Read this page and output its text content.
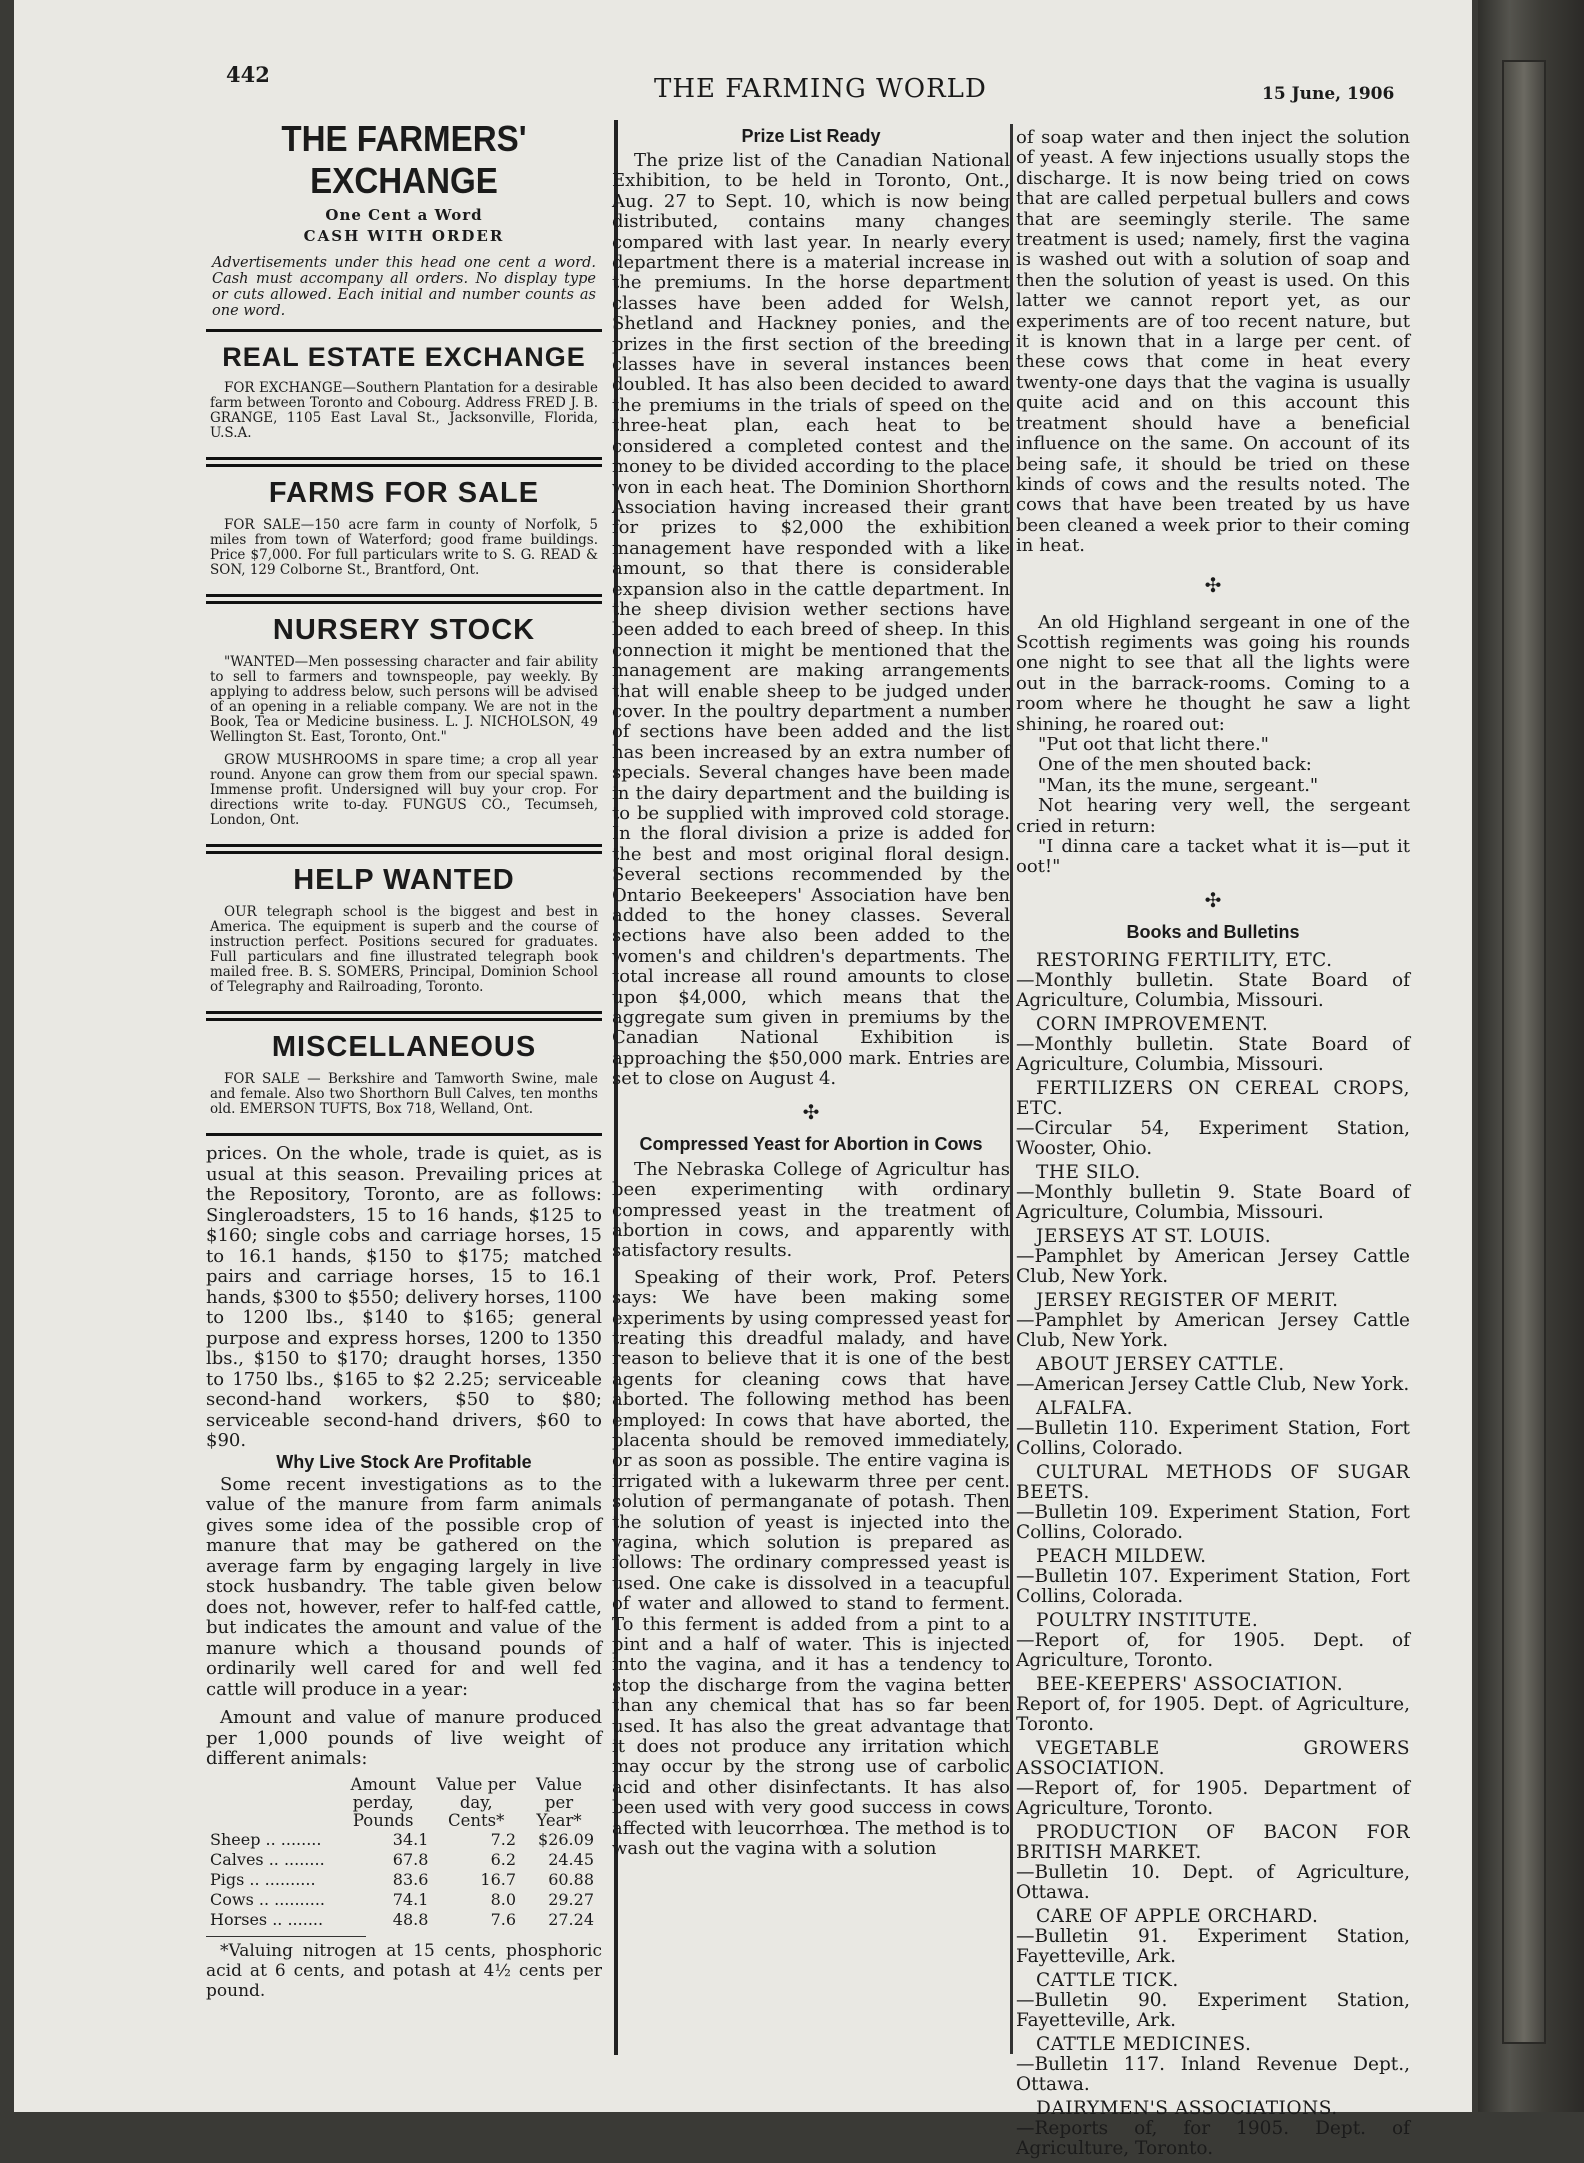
442	THE FARMING WORLD	15 June, 1906
THE FARMERS' EXCHANGE
One Cent a Word
CASH WITH ORDER

Advertisements under this head one cent a word. Cash must accompany all orders. No display type or cuts allowed. Each initial and number counts as one word.

REAL ESTATE EXCHANGE

FOR EXCHANGE—Southern Plantation for a desirable farm between Toronto and Cobourg. Address FRED J. B. GRANGE, 1105 East Laval St., Jacksonville, Florida, U.S.A.

FARMS FOR SALE

FOR SALE—150 acre farm in county of Norfolk, 5 miles from town of Waterford; good frame buildings. Price $7,000. For full particulars write to S. G. READ & SON, 129 Colborne St., Brantford, Ont.

NURSERY STOCK

"WANTED—Men possessing character and fair ability to sell to farmers and townspeople, pay weekly. By applying to address below, such persons will be advised of an opening in a reliable company. We are not in the Book, Tea or Medicine business. L. J. NICHOLSON, 49 Wellington St. East, Toronto, Ont."

GROW MUSHROOMS in spare time; a crop all year round. Anyone can grow them from our special spawn. Immense profit. Undersigned will buy your crop. For directions write to-day. FUNGUS CO., Tecumseh, London, Ont.

HELP WANTED

OUR telegraph school is the biggest and best in America. The equipment is superb and the course of instruction perfect. Positions secured for graduates. Full particulars and fine illustrated telegraph book mailed free. B. S. SOMERS, Principal, Dominion School of Telegraphy and Railroading, Toronto.

MISCELLANEOUS

FOR SALE — Berkshire and Tamworth Swine, male and female. Also two Shorthorn Bull Calves, ten months old. EMERSON TUFTS, Box 718, Welland, Ont.

prices. On the whole, trade is quiet, as is usual at this season. Prevailing prices at the Repository, Toronto, are as follows: Singleroadsters, 15 to 16 hands, $125 to $160; single cobs and carriage horses, 15 to 16.1 hands, $150 to $175; matched pairs and carriage horses, 15 to 16.1 hands, $300 to $550; delivery horses, 1100 to 1200 lbs., $140 to $165; general purpose and express horses, 1200 to 1350 lbs., $150 to $170; draught horses, 1350 to 1750 lbs., $165 to $2 2.25; serviceable second-hand workers, $50 to $80; serviceable second-hand drivers, $60 to $90.

Why Live Stock Are Profitable

Some recent investigations as to the value of the manure from farm animals gives some idea of the possible crop of manure that may be gathered on the average farm by engaging largely in live stock husbandry. The table given below does not, however, refer to half-fed cattle, but indicates the amount and value of the manure which a thousand pounds of ordinarily well cared for and well fed cattle will produce in a year:

Amount and value of manure produced per 1,000 pounds of live weight of different animals:

	Amount perday, Pounds	Value per day, Cents*	Value per Year*
Sheep .. ........	34.1	7.2	$26.09
Calves .. ........	67.8	6.2	24.45
Pigs .. ..........	83.6	16.7	60.88
Cows .. ..........	74.1	8.0	29.27
Horses .. .......	48.8	7.6	27.24

*Valuing nitrogen at 15 cents, phosphoric acid at 6 cents, and potash at 4½ cents per pound.

Prize List Ready

The prize list of the Canadian National Exhibition, to be held in Toronto, Ont., Aug. 27 to Sept. 10, which is now being distributed, contains many changes compared with last year. In nearly every department there is a material increase in the premiums. In the horse department classes have been added for Welsh, Shetland and Hackney ponies, and the prizes in the first section of the breeding classes have in several instances been doubled. It has also been decided to award the premiums in the trials of speed on the three-heat plan, each heat to be considered a completed contest and the money to be divided according to the place won in each heat. The Dominion Shorthorn Association having increased their grant for prizes to $2,000 the exhibition management have responded with a like amount, so that there is considerable expansion also in the cattle department. In the sheep division wether sections have been added to each breed of sheep. In this connection it might be mentioned that the management are making arrangements that will enable sheep to be judged under cover. In the poultry department a number of sections have been added and the list has been increased by an extra number of specials. Several changes have been made in the dairy department and the building is to be supplied with improved cold storage. In the floral division a prize is added for the best and most original floral design. Several sections recommended by the Ontario Beekeepers' Association have ben added to the honey classes. Several sections have also been added to the women's and children's departments. The total increase all round amounts to close upon $4,000, which means that the aggregate sum given in premiums by the Canadian National Exhibition is approaching the $50,000 mark. Entries are set to close on August 4.

✣
Compressed Yeast for Abortion in Cows

The Nebraska College of Agricultur has been experimenting with ordinary compressed yeast in the treatment of abortion in cows, and apparently with satisfactory results.

Speaking of their work, Prof. Peters says: We have been making some experiments by using compressed yeast for treating this dreadful malady, and have reason to believe that it is one of the best agents for cleaning cows that have aborted. The following method has been employed: In cows that have aborted, the placenta should be removed immediately, or as soon as possible. The entire vagina is irrigated with a lukewarm three per cent. solution of permanganate of potash. Then the solution of yeast is injected into the vagina, which solution is prepared as follows: The ordinary compressed yeast is used. One cake is dissolved in a teacupful of water and allowed to stand to ferment. To this ferment is added from a pint to a pint and a half of water. This is injected into the vagina, and it has a tendency to stop the discharge from the vagina better than any chemical that has so far been used. It has also the great advantage that it does not produce any irritation which may occur by the strong use of carbolic acid and other disinfectants. It has also been used with very good success in cows affected with leucorrhœa. The method is to wash out the vagina with a solution

of soap water and then inject the solution of yeast. A few injections usually stops the discharge. It is now being tried on cows that are called perpetual bullers and cows that are seemingly sterile. The same treatment is used; namely, first the vagina is washed out with a solution of soap and then the solution of yeast is used. On this latter we cannot report yet, as our experiments are of too recent nature, but it is known that in a large per cent. of these cows that come in heat every twenty-one days that the vagina is usually quite acid and on this account this treatment should have a beneficial influence on the same. On account of its being safe, it should be tried on these kinds of cows and the results noted. The cows that have been treated by us have been cleaned a week prior to their coming in heat.

✣

An old Highland sergeant in one of the Scottish regiments was going his rounds one night to see that all the lights were out in the barrack-rooms. Coming to a room where he thought he saw a light shining, he roared out:

"Put oot that licht there."

One of the men shouted back:

"Man, its the mune, sergeant."

Not hearing very well, the sergeant cried in return:

"I dinna care a tacket what it is—put it oot!"

✣
Books and Bulletins

RESTORING FERTILITY, ETC.
—Monthly bulletin. State Board of Agriculture, Columbia, Missouri.

CORN IMPROVEMENT.
—Monthly bulletin. State Board of Agriculture, Columbia, Missouri.

FERTILIZERS ON CEREAL CROPS, ETC.
—Circular 54, Experiment Station, Wooster, Ohio.

THE SILO.
—Monthly bulletin 9. State Board of Agriculture, Columbia, Missouri.

JERSEYS AT ST. LOUIS.
—Pamphlet by American Jersey Cattle Club, New York.

JERSEY REGISTER OF MERIT.
—Pamphlet by American Jersey Cattle Club, New York.

ABOUT JERSEY CATTLE.
—American Jersey Cattle Club, New York.

ALFALFA.
—Bulletin 110. Experiment Station, Fort Collins, Colorado.

CULTURAL METHODS OF SUGAR BEETS.
—Bulletin 109. Experiment Station, Fort Collins, Colorado.

PEACH MILDEW.
—Bulletin 107. Experiment Station, Fort Collins, Colorada.

POULTRY INSTITUTE.
—Report of, for 1905. Dept. of Agriculture, Toronto.

BEE-KEEPERS' ASSOCIATION.
Report of, for 1905. Dept. of Agriculture, Toronto.

VEGETABLE GROWERS ASSOCIATION.
—Report of, for 1905. Department of Agriculture, Toronto.

PRODUCTION OF BACON FOR BRITISH MARKET.
—Bulletin 10. Dept. of Agriculture, Ottawa.

CARE OF APPLE ORCHARD.
—Bulletin 91. Experiment Station, Fayetteville, Ark.

CATTLE TICK.
—Bulletin 90. Experiment Station, Fayetteville, Ark.

CATTLE MEDICINES.
—Bulletin 117. Inland Revenue Dept., Ottawa.

DAIRYMEN'S ASSOCIATIONS.
—Reports of, for 1905. Dept. of Agriculture, Toronto.
